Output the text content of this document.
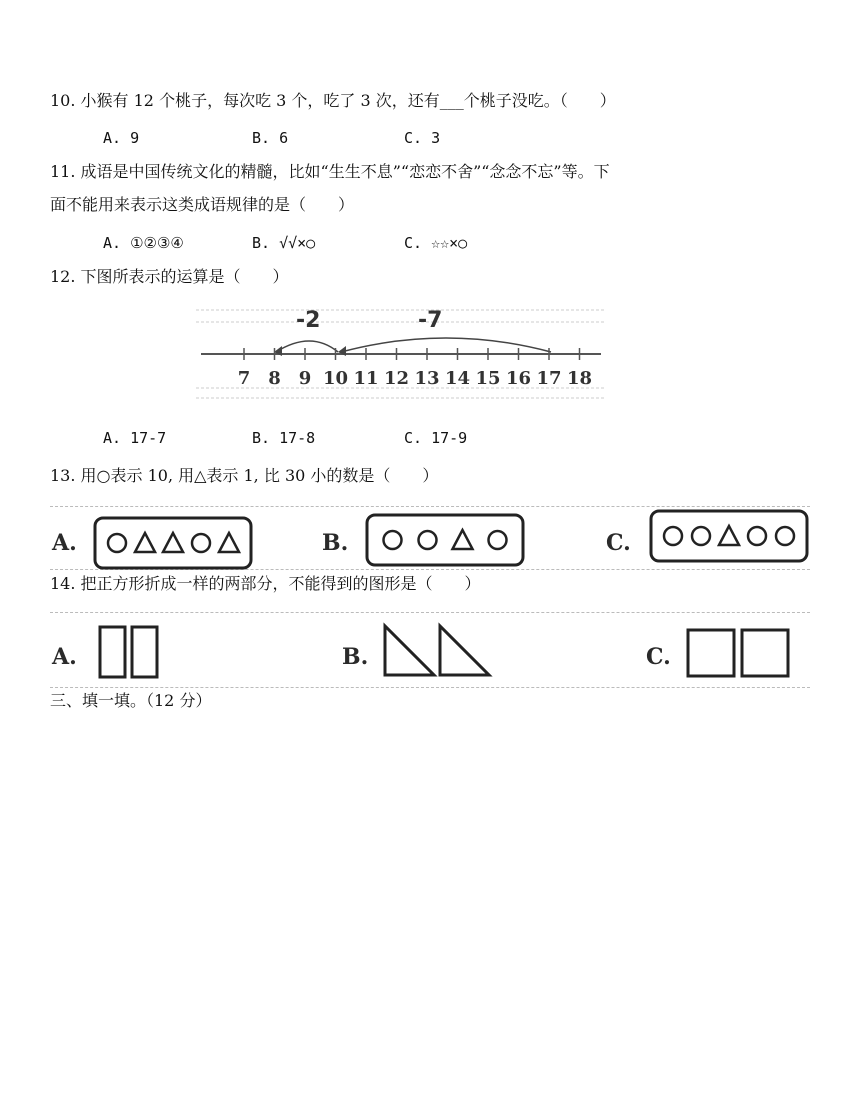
10. 小猴有 12 个桃子，每次吃 3 个，吃了 3 次，还有___个桃子没吃。（　　）
A. 9	B. 6	C. 3
11. 成语是中国传统文化的精髓，比如“生生不息”“恋恋不舍”“念念不忘”等。下
面不能用来表示这类成语规律的是（　　）
A. ①②③④	B. √√×○	C. ☆☆×○
12. 下图所表示的运算是（　　）
-2	-7
7 8 9 10 11 12 13 14 15 16 17 18
A. 17-7	B. 17-8	C. 17-9
13. 用○表示 10, 用△表示 1, 比 30 小的数是（　　）
A.	B.	C.
14. 把正方形折成一样的两部分，不能得到的图形是（　　）
A.	B.	C.
三、填一填。（12 分）
